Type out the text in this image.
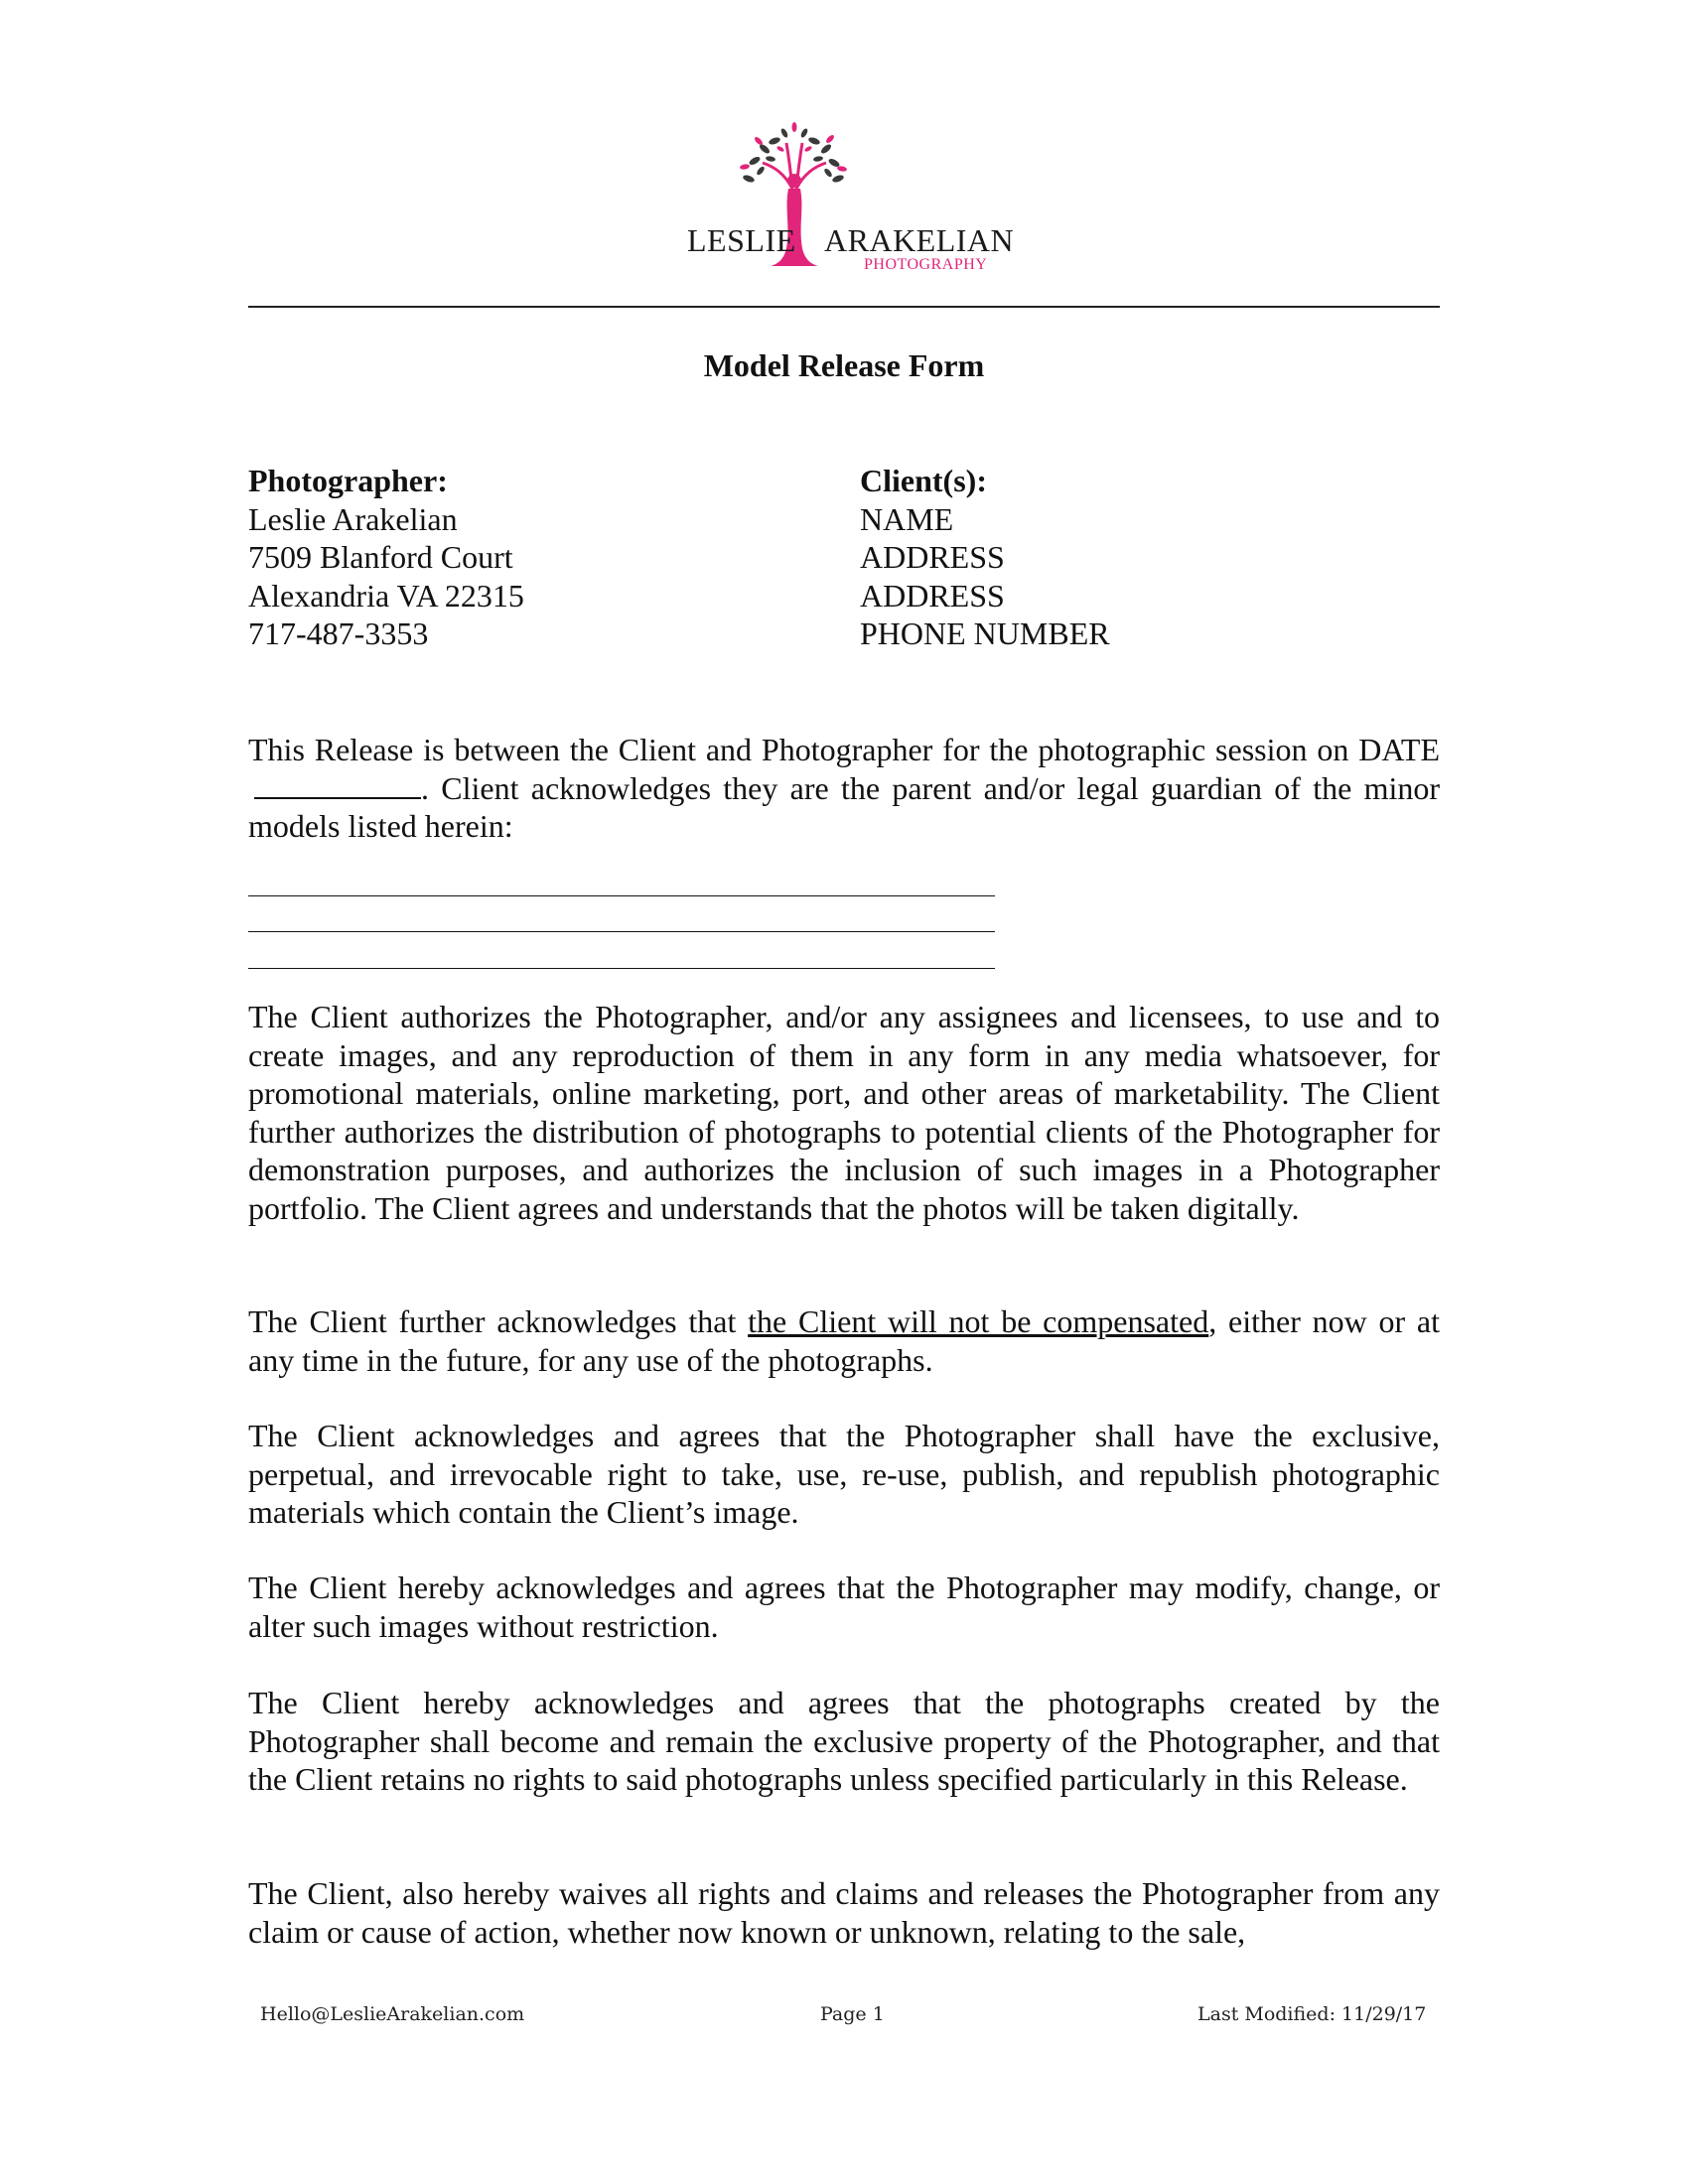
LESLIE ARAKELIAN
PHOTOGRAPHY
Model Release Form
Photographer:
Leslie Arakelian
7509 Blanford Court
Alexandria VA 22315
717-487-3353
Client(s):
NAME
ADDRESS
ADDRESS
PHONE NUMBER

This Release is between the Client and Photographer for the photographic session on DATE. Client acknowledges they are the parent and/or legal guardian of the minor models listed herein:

The Client authorizes the Photographer, and/or any assignees and licensees, to use and to create images, and any reproduction of them in any form in any media whatsoever, for promotional materials, online marketing, port, and other areas of marketability. The Client further authorizes the distribution of photographs to potential clients of the Photographer for demonstration purposes, and authorizes the inclusion of such images in a Photographer portfolio. The Client agrees and understands that the photos will be taken digitally.

The Client further acknowledges that the Client will not be compensated, either now or at any time in the future, for any use of the photographs.

The Client acknowledges and agrees that the Photographer shall have the exclusive, perpetual, and irrevocable right to take, use, re-use, publish, and republish photographic materials which contain the Client’s image.

The Client hereby acknowledges and agrees that the Photographer may modify, change, or alter such images without restriction.

The Client hereby acknowledges and agrees that the photographs created by the Photographer shall become and remain the exclusive property of the Photographer, and that the Client retains no rights to said photographs unless specified particularly in this Release.

The Client, also hereby waives all rights and claims and releases the Photographer from any claim or cause of action, whether now known or unknown, relating to the sale,

Hello@LeslieArakelian.com	Page 1	Last Modified: 11/29/17
